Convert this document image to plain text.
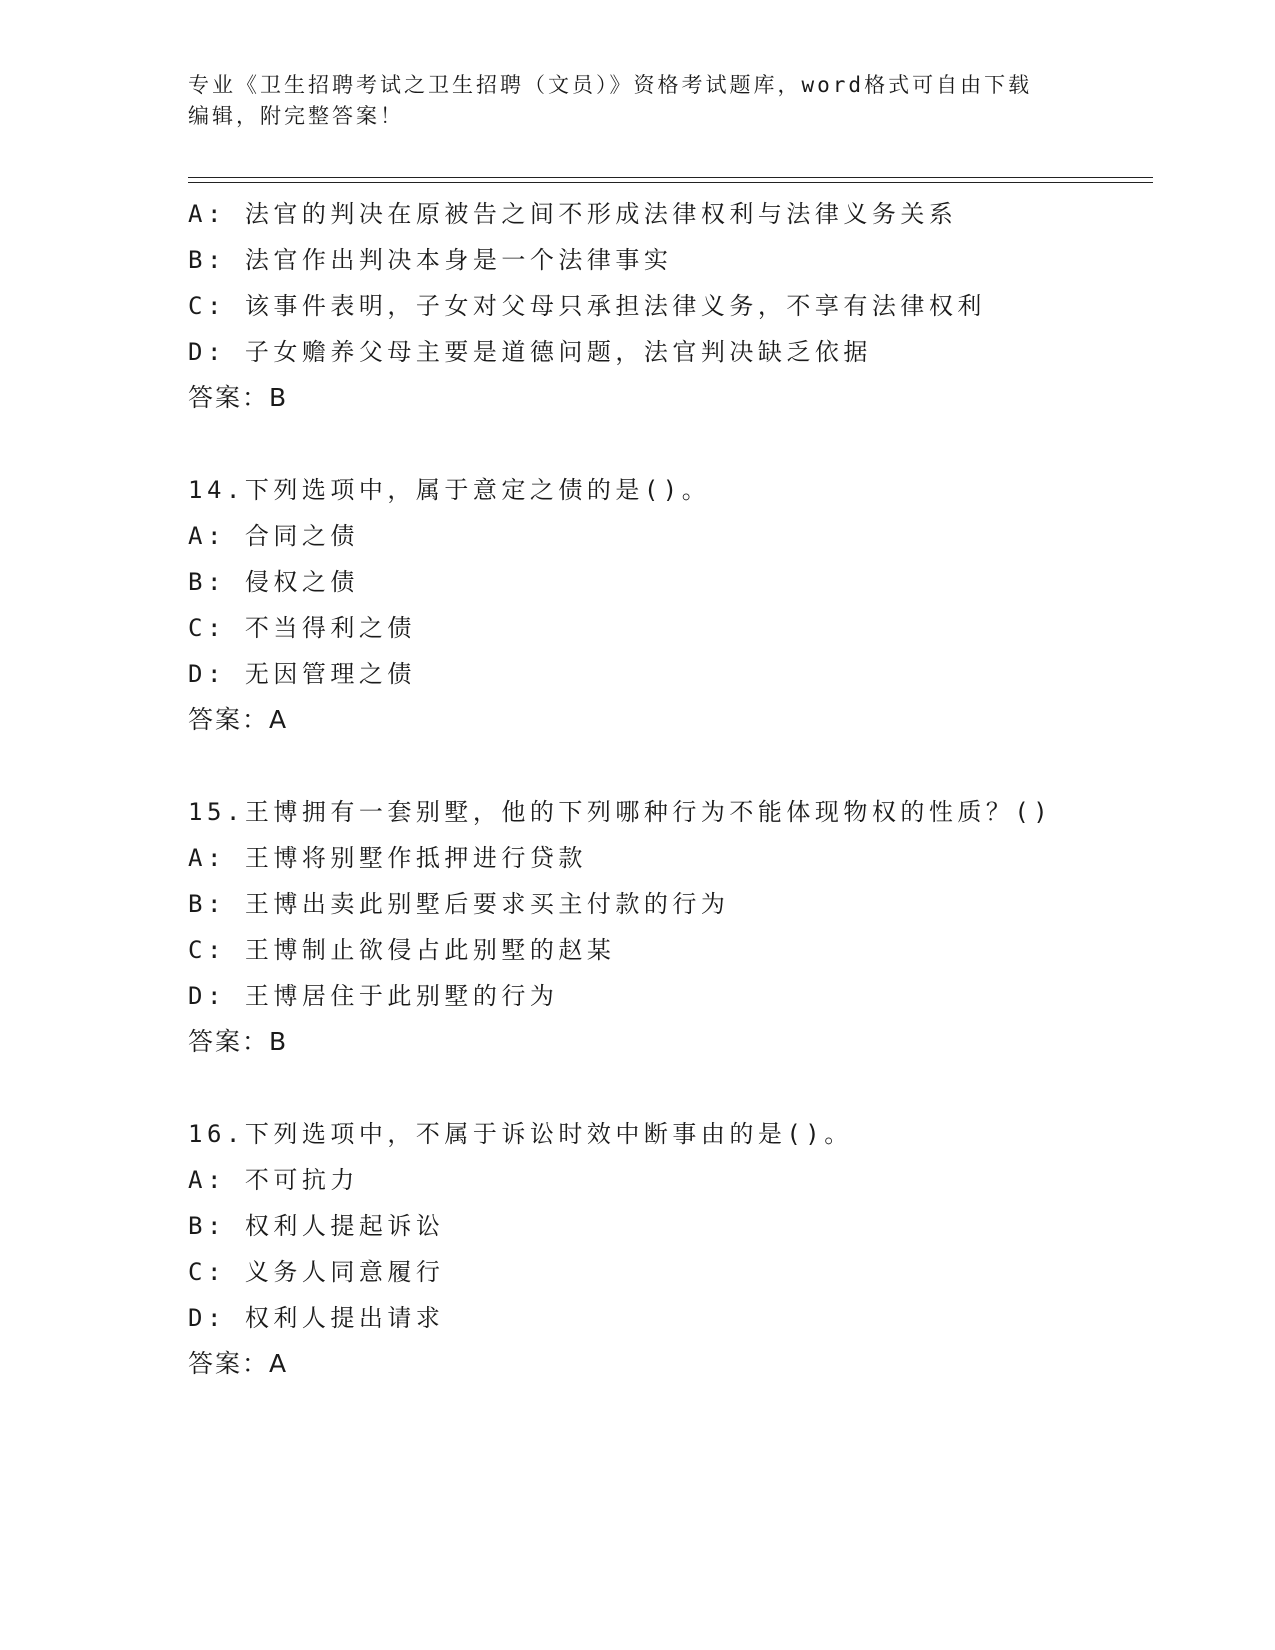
专业《卫生招聘考试之卫生招聘（文员）》资格考试题库，word格式可自由下载
编辑，附完整答案！
A: 法官的判决在原被告之间不形成法律权利与法律义务关系
B: 法官作出判决本身是一个法律事实
C: 该事件表明，子女对父母只承担法律义务，不享有法律权利
D: 子女赡养父母主要是道德问题，法官判决缺乏依据
答案：B
14.下列选项中，属于意定之债的是()。
A: 合同之债
B: 侵权之债
C: 不当得利之债
D: 无因管理之债
答案：A
15.王博拥有一套别墅，他的下列哪种行为不能体现物权的性质？()
A: 王博将别墅作抵押进行贷款
B: 王博出卖此别墅后要求买主付款的行为
C: 王博制止欲侵占此别墅的赵某
D: 王博居住于此别墅的行为
答案：B
16.下列选项中，不属于诉讼时效中断事由的是()。
A: 不可抗力
B: 权利人提起诉讼
C: 义务人同意履行
D: 权利人提出请求
答案：A
